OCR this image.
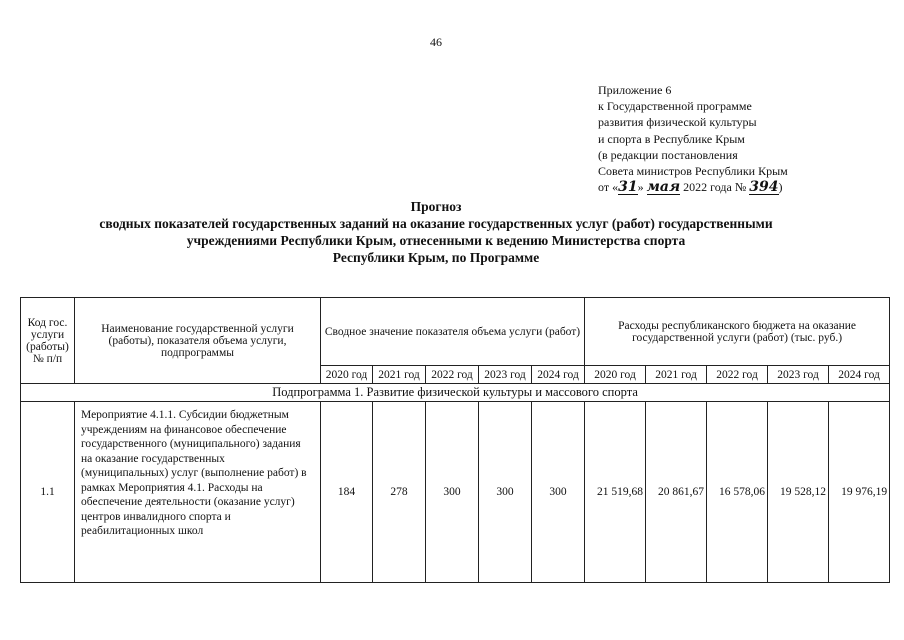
46
Приложение 6
к Государственной программе
развития физической культуры
и спорта в Республике Крым
(в редакции постановления
Совета министров Республики Крым
от «31» мая 2022 года № 394)
Прогноз
сводных показателей государственных заданий на оказание государственных услуг (работ) государственными
учреждениями Республики Крым, отнесенными к ведению Министерства спорта
Республики Крым, по Программе
Код гос. услуги (работы) № п/п	Наименование государственной услуги (работы), показателя объема услуги, подпрограммы	Сводное значение показателя объема услуги (работ)					Расходы республиканского бюджета на оказание государственной услуги (работ) (тыс. руб.)				
		2020 год	2021 год	2022 год	2023 год	2024 год	2020 год	2021 год	2022 год	2023 год	2024 год
Подпрограмма 1. Развитие физической культуры и массового спорта											
1.1	Мероприятие 4.1.1. Субсидии бюджетным учреждениям на финансовое обеспечение государственного (муниципального) задания на оказание государственных (муниципальных) услуг (выполнение работ) в рамках Мероприятия 4.1. Расходы на обеспечение деятельности (оказание услуг) центров инвалидного спорта и реабилитационных школ	184	278	300	300	300	21 519,68	20 861,67	16 578,06	19 528,12	19 976,19
